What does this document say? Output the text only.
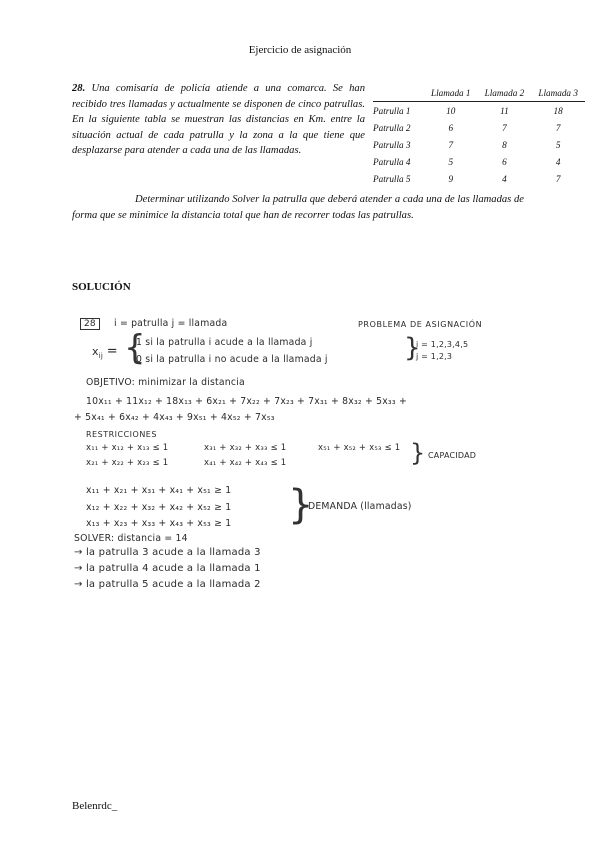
Ejercicio de asignación
28. Una comisaría de policía atiende a una comarca. Se han recibido tres llamadas y actualmente se disponen de cinco patrullas. En la siguiente tabla se muestran las distancias en Km. entre la situación actual de cada patrulla y la zona a la que tiene que desplazarse para atender a cada una de las llamadas.
	Llamada 1	Llamada 2	Llamada 3
Patrulla 1	10	11	18
Patrulla 2	6	7	7
Patrulla 3	7	8	5
Patrulla 4	5	6	4
Patrulla 5	9	4	7
Determinar utilizando Solver la patrulla que deberá atender a cada una de las llamadas de forma que se minimice la distancia total que han de recorrer todas las patrullas.
SOLUCIÓN
28	i = patrulla j = llamada	PROBLEMA DE ASIGNACIÓN
$x_{ij}$ = {
1 si la patrulla i acude a la llamada j
0 si la patrulla i no acude a la llamada j	}
i = 1,2,3,4,5
j = 1,2,3
OBJETIVO: minimizar la distancia
10x₁₁ + 11x₁₂ + 18x₁₃ + 6x₂₁ + 7x₂₂ + 7x₂₃ + 7x₃₁ + 8x₃₂ + 5x₃₃ +
+ 5x₄₁ + 6x₄₂ + 4x₄₃ + 9x₅₁ + 4x₅₂ + 7x₅₃
RESTRICCIONES
x₁₁ + x₁₂ + x₁₃ ≤ 1	x₃₁ + x₃₂ + x₃₃ ≤ 1	x₅₁ + x₅₂ + x₅₃ ≤ 1
x₂₁ + x₂₂ + x₂₃ ≤ 1	x₄₁ + x₄₂ + x₄₃ ≤ 1	} CAPACIDAD
x₁₁ + x₂₁ + x₃₁ + x₄₁ + x₅₁ ≥ 1
x₁₂ + x₂₂ + x₃₂ + x₄₂ + x₅₂ ≥ 1
x₁₃ + x₂₃ + x₃₃ + x₄₃ + x₅₃ ≥ 1 }
DEMANDA (llamadas)
SOLVER: distancia = 14
→ la patrulla 3 acude a la llamada 3
→ la patrulla 4 acude a la llamada 1
→ la patrulla 5 acude a la llamada 2
Belenrdc_
